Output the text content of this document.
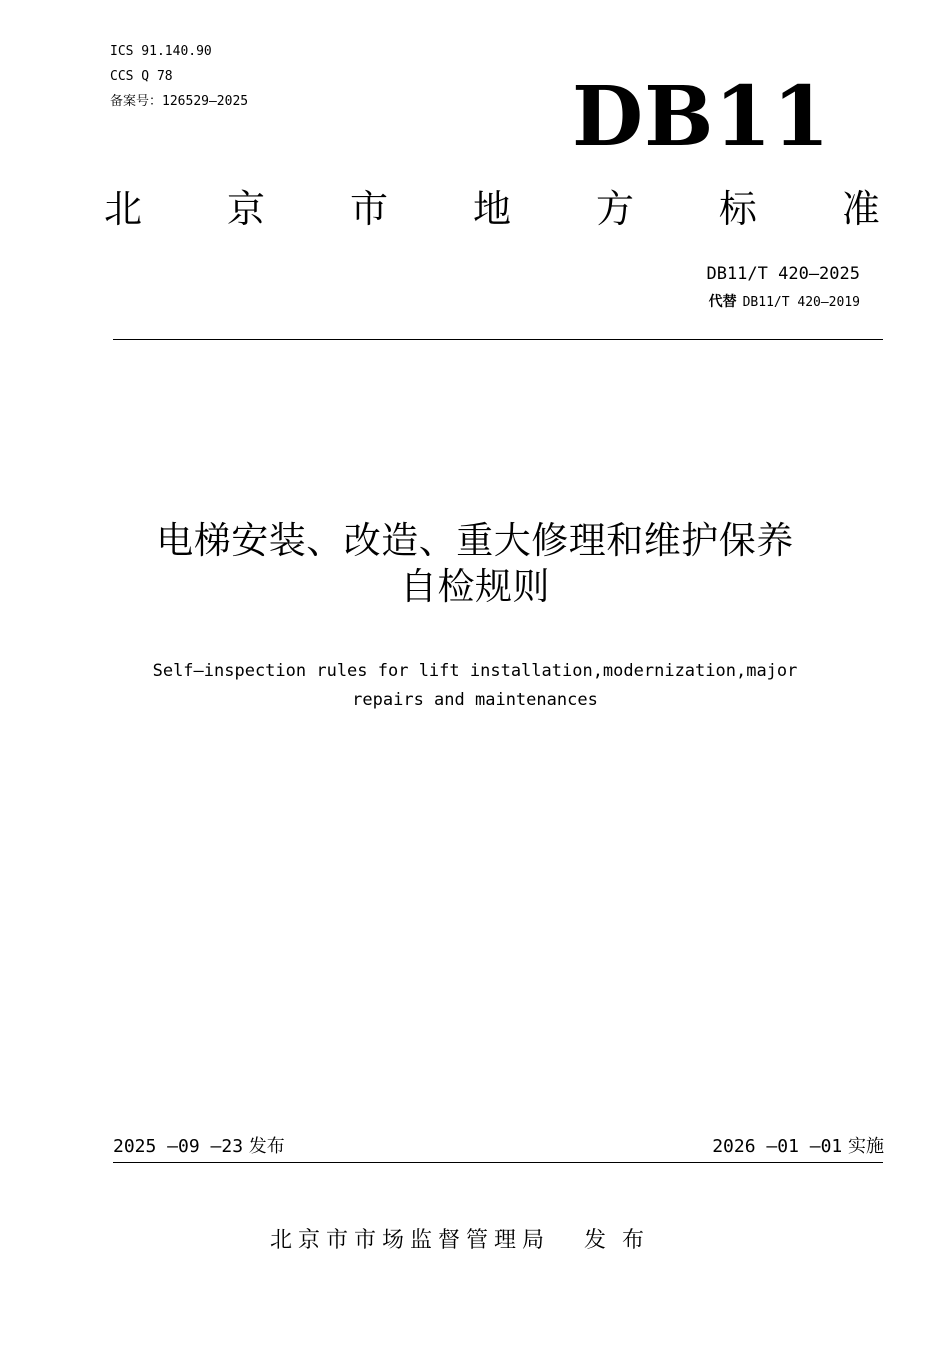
ICS 91.140.90
CCS Q 78
备案号：126529—2025	DB11
北 京 市 地 方 标 准
DB11/T 420—2025
代替 DB11/T 420—2019
电梯安装、改造、重大修理和维护保养
自检规则
Self—inspection rules for lift installation,modernization,major
repairs and maintenances
2025 —09 —23 发布	2026 —01 —01 实施
北京市市场监督管理局 发布
